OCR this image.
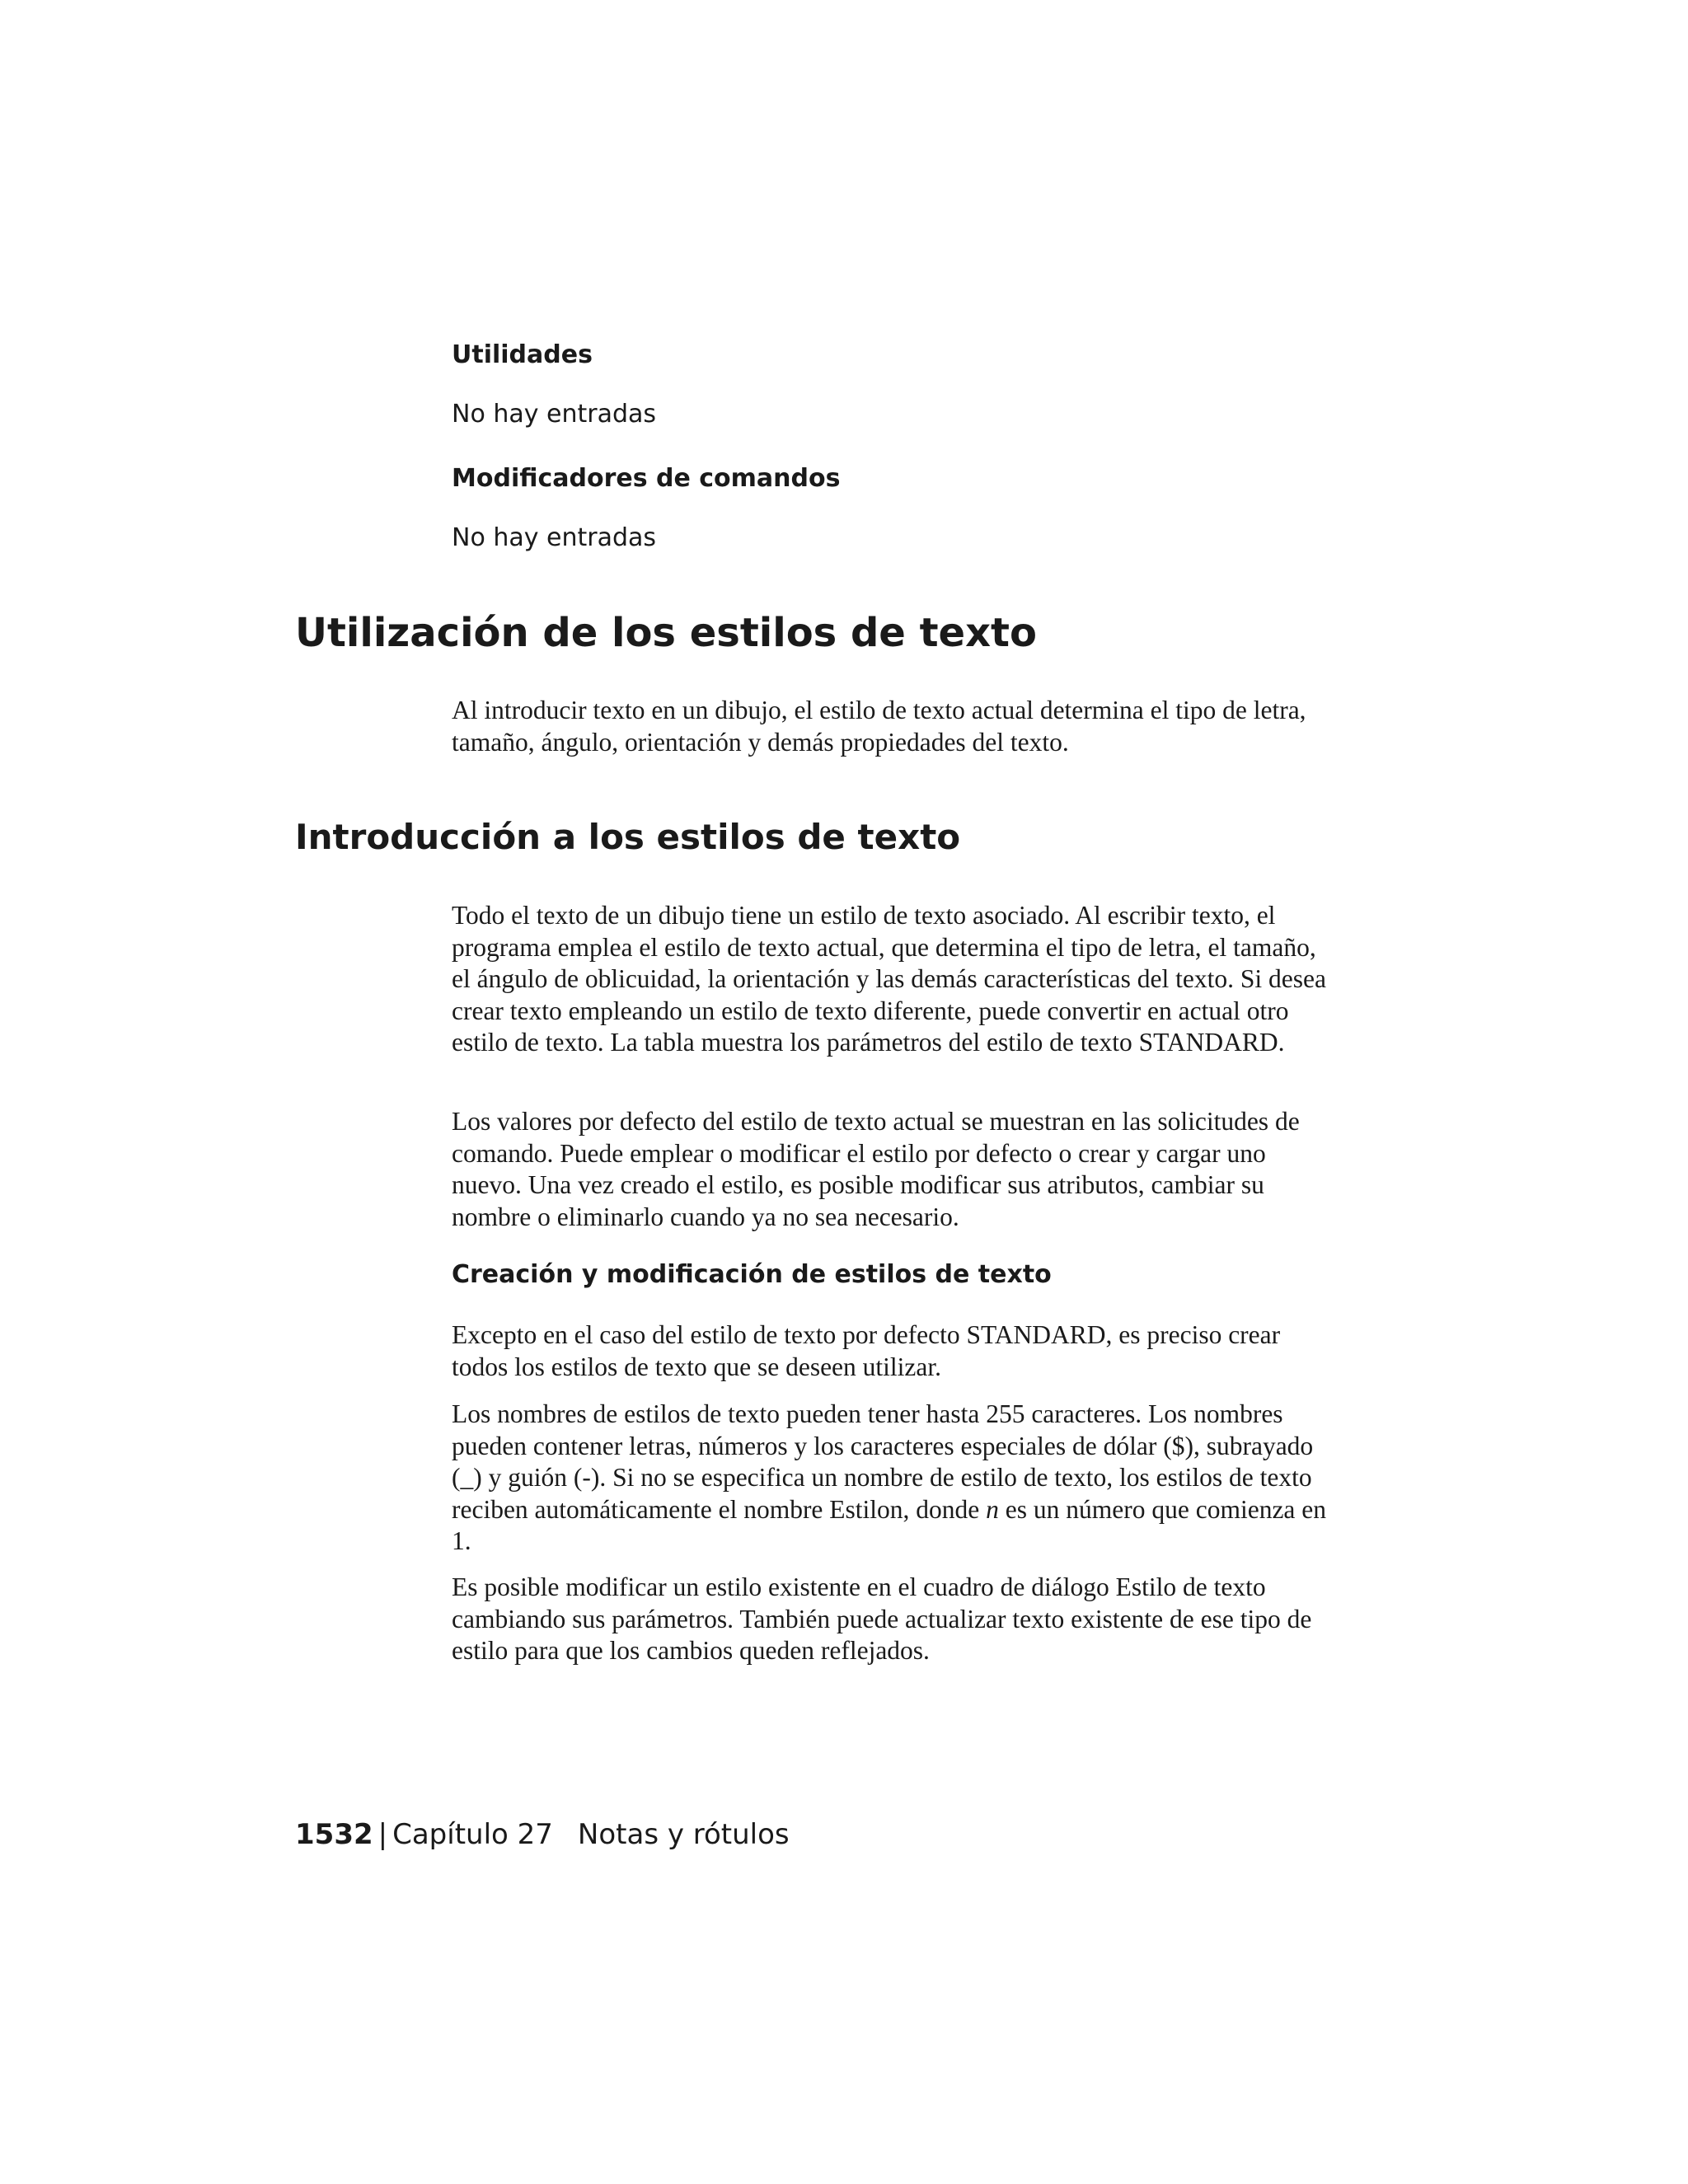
Utilidades

No hay entradas

Modificadores de comandos

No hay entradas

Utilización de los estilos de texto

Al introducir texto en un dibujo, el estilo de texto actual determina el tipo de letra, tamaño, ángulo, orientación y demás propiedades del texto.

Introducción a los estilos de texto

Todo el texto de un dibujo tiene un estilo de texto asociado. Al escribir texto, el programa emplea el estilo de texto actual, que determina el tipo de letra, el tamaño, el ángulo de oblicuidad, la orientación y las demás características del texto. Si desea crear texto empleando un estilo de texto diferente, puede convertir en actual otro estilo de texto. La tabla muestra los parámetros del estilo de texto STANDARD.

Los valores por defecto del estilo de texto actual se muestran en las solicitudes de comando. Puede emplear o modificar el estilo por defecto o crear y cargar uno nuevo. Una vez creado el estilo, es posible modificar sus atributos, cambiar su nombre o eliminarlo cuando ya no sea necesario.

Creación y modificación de estilos de texto

Excepto en el caso del estilo de texto por defecto STANDARD, es preciso crear todos los estilos de texto que se deseen utilizar.

Los nombres de estilos de texto pueden tener hasta 255 caracteres. Los nombres pueden contener letras, números y los caracteres especiales de dólar ($), subrayado (_) y guión (-). Si no se especifica un nombre de estilo de texto, los estilos de texto reciben automáticamente el nombre Estilon, donde n es un número que comienza en 1.

Es posible modificar un estilo existente en el cuadro de diálogo Estilo de texto cambiando sus parámetros. También puede actualizar texto existente de ese tipo de estilo para que los cambios queden reflejados.

1532 | Capítulo 27 Notas y rótulos
